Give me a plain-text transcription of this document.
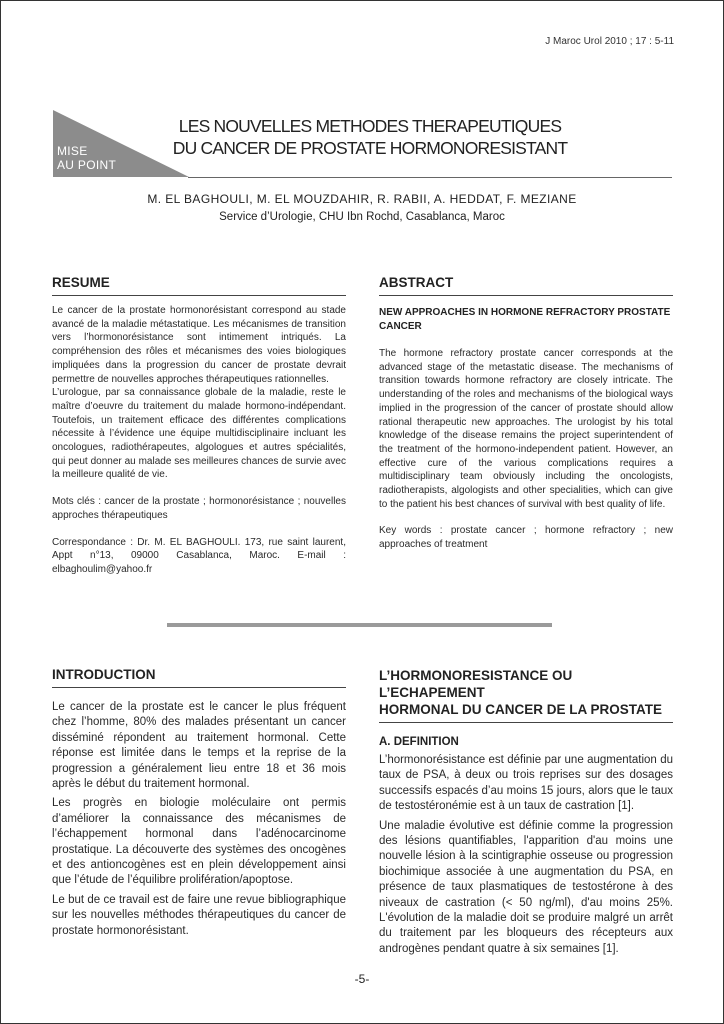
J Maroc Urol 2010 ; 17 : 5-11
MISE
AU POINT
LES NOUVELLES METHODES THERAPEUTIQUES
DU CANCER DE PROSTATE HORMONORESISTANT
M. EL BAGHOULI, M. EL MOUZDAHIR, R. RABII, A. HEDDAT, F. MEZIANE
Service d’Urologie, CHU Ibn Rochd, Casablanca, Maroc
RESUME

Le cancer de la prostate hormonorésistant correspond au stade avancé de la maladie métastatique. Les mécanismes de transition vers l’hormonorésistance sont intimement intriqués. La compréhension des rôles et mécanismes des voies biologiques impliquées dans la progression du cancer de prostate devrait permettre de nouvelles approches thérapeutiques rationnelles.

L’urologue, par sa connaissance globale de la maladie, reste le maître d’oeuvre du traitement du malade hormono-indépendant. Toutefois, un traitement efficace des différentes complications nécessite à l’évidence une équipe multidisciplinaire incluant les oncologues, radiothérapeutes, algologues et autres spécialités, qui peut donner au malade ses meilleures chances de survie avec la meilleure qualité de vie.

Mots clés : cancer de la prostate ; hormonorésistance ; nouvelles approches thérapeutiques

Correspondance : Dr. M. EL BAGHOULI. 173, rue saint laurent, Appt n°13, 09000 Casablanca, Maroc. E-mail : elbaghoulim@yahoo.fr

ABSTRACT

NEW APPROACHES IN HORMONE REFRACTORY PROSTATE CANCER

The hormone refractory prostate cancer corresponds at the advanced stage of the metastatic disease. The mechanisms of transition towards hormone refractory are closely intricate. The understanding of the roles and mechanisms of the biological ways implied in the progression of the cancer of prostate should allow rational therapeutic new approaches. The urologist by his total knowledge of the disease remains the project superintendent of the treatment of the hormono-independent patient. However, an effective cure of the various complications requires a multidisciplinary team obviously including the oncologists, radiotherapists, algologists and other specialities, which can give to the patient his best chances of survival with best quality of life.

Key words : prostate cancer ; hormone refractory ; new approaches of treatment

INTRODUCTION

Le cancer de la prostate est le cancer le plus fréquent chez l’homme, 80% des malades présentant un cancer disséminé répondent au traitement hormonal. Cette réponse est limitée dans le temps et la reprise de la progression a généralement lieu entre 18 et 36 mois après le début du traitement hormonal.

Les progrès en biologie moléculaire ont permis d’améliorer la connaissance des mécanismes de l’échappement hormonal dans l’adénocarcinome prostatique. La découverte des systèmes des oncogènes et des antioncogènes est en plein développement ainsi que l’étude de l’équilibre prolifération/apoptose.

Le but de ce travail est de faire une revue bibliographique sur les nouvelles méthodes thérapeutiques du cancer de prostate hormonorésistant.

L’HORMONORESISTANCE OU L’ECHAPEMENT
HORMONAL DU CANCER DE LA PROSTATE

A. DEFINITION

L’hormonorésistance est définie par une augmentation du taux de PSA, à deux ou trois reprises sur des dosages successifs espacés d’au moins 15 jours, alors que le taux de testostéronémie est à un taux de castration [1].

Une maladie évolutive est définie comme la progression des lésions quantifiables, l'apparition d'au moins une nouvelle lésion à la scintigraphie osseuse ou progression biochimique associée à une augmentation du PSA, en présence de taux plasmatiques de testostérone à des niveaux de castration (< 50 ng/ml), d'au moins 25%. L'évolution de la maladie doit se produire malgré un arrêt du traitement par les bloqueurs des récepteurs aux androgènes pendant quatre à six semaines [1].

-5-
